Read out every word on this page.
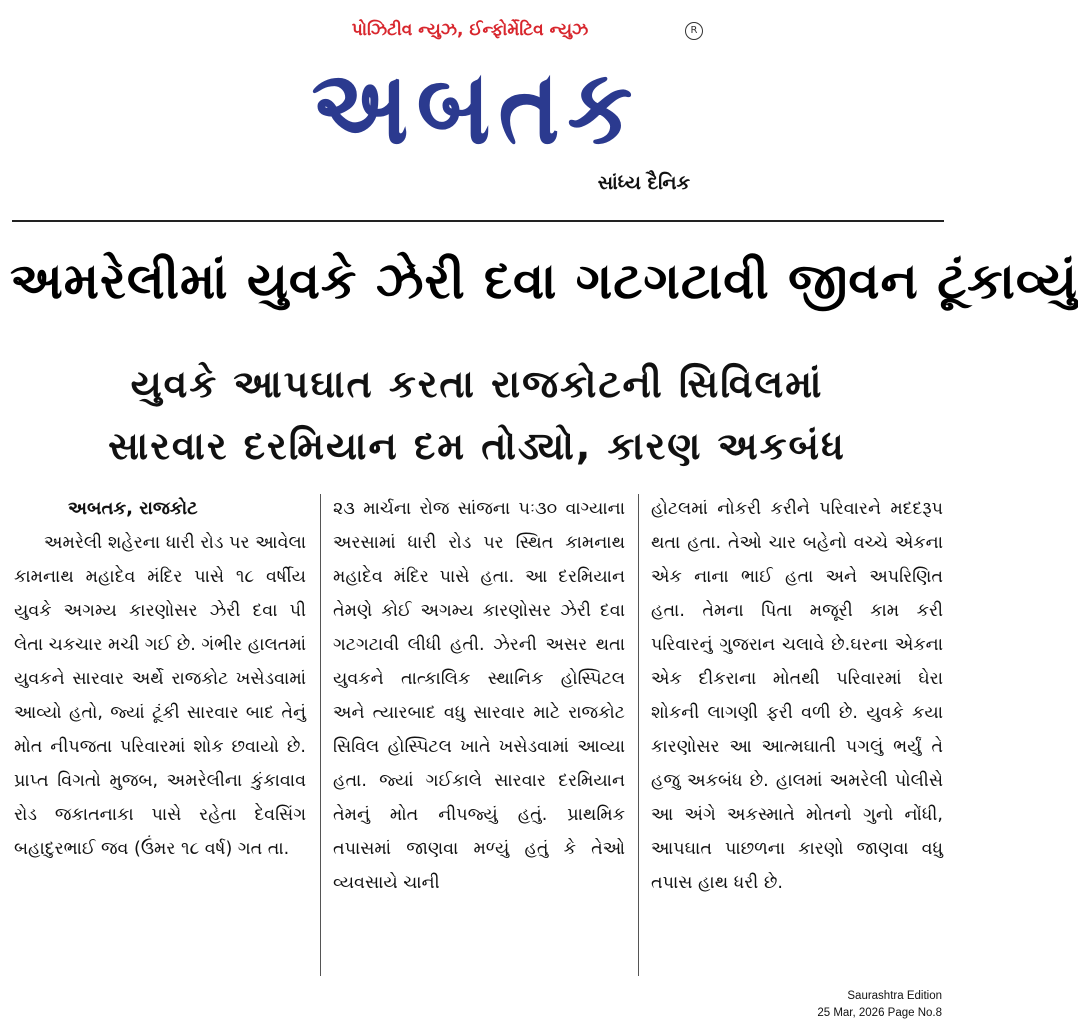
પોઝિટીવ ન્યુઝ, ઈન્ફોર્મેટિવ ન્યુઝ	R
અબતક
સાંધ્ય દૈનિક
અમરેલીમાં યુવકે ઝેરી દવા ગટગટાવી જીવન ટૂંકાવ્યું
યુવકે આપઘાત કરતા રાજકોટની સિવિલમાં
સારવાર દરમિયાન દમ તોડ્યો, કારણ અકબંધ
અબતક, રાજકોટ

અમરેલી શહેરના ધારી રોડ પર આવેલા કામનાથ મહાદેવ મંદિર પાસે ૧૮ વર્ષીય યુવકે અગમ્ય કારણોસર ઝેરી દવા પી લેતા ચકચાર મચી ગઈ છે. ગંભીર હાલતમાં યુવકને સારવાર અર્થે રાજકોટ ખસેડવામાં આવ્યો હતો, જ્યાં ટૂંકી સારવાર બાદ તેનું મોત નીપજતા પરિવારમાં શોક છવાયો છે. પ્રાપ્ત વિગતો મુજબ, અમરેલીના કુંકાવાવ રોડ જકાતનાકા પાસે રહેતા દેવસિંગ બહાદુરભાઈ જવ (ઉંમર ૧૮ વર્ષ) ગત તા.

૨૩ માર્ચના રોજ સાંજના ૫ઃ૩૦ વાગ્યાના અરસામાં ધારી રોડ પર સ્થિત કામનાથ મહાદેવ મંદિર પાસે હતા. આ દરમિયાન તેમણે કોઈ અગમ્ય કારણોસર ઝેરી દવા ગટગટાવી લીધી હતી. ઝેરની અસર થતા યુવકને તાત્કાલિક સ્થાનિક હોસ્પિટલ અને ત્યારબાદ વધુ સારવાર માટે રાજકોટ સિવિલ હોસ્પિટલ ખાતે ખસેડવામાં આવ્યા હતા. જ્યાં ગઈકાલે સારવાર દરમિયાન તેમનું મોત નીપજ્યું હતું. પ્રાથમિક તપાસમાં જાણવા મળ્યું હતું કે તેઓ વ્યવસાયે ચાની

હોટલમાં નોકરી કરીને પરિવારને મદદરૂપ થતા હતા. તેઓ ચાર બહેનો વચ્ચે એકના એક નાના ભાઈ હતા અને અપરિણિત હતા. તેમના પિતા મજૂરી કામ કરી પરિવારનું ગુજરાન ચલાવે છે.ઘરના એકના એક દીકરાના મોતથી પરિવારમાં ઘેરા શોકની લાગણી ફરી વળી છે. યુવકે કયા કારણોસર આ આત્મઘાતી પગલું ભર્યું તે હજુ અકબંધ છે. હાલમાં અમરેલી પોલીસે આ અંગે અકસ્માતે મોતનો ગુનો નોંધી, આપઘાત પાછળના કારણો જાણવા વધુ તપાસ હાથ ધરી છે.

Saurashtra Edition
25 Mar, 2026 Page No.8
